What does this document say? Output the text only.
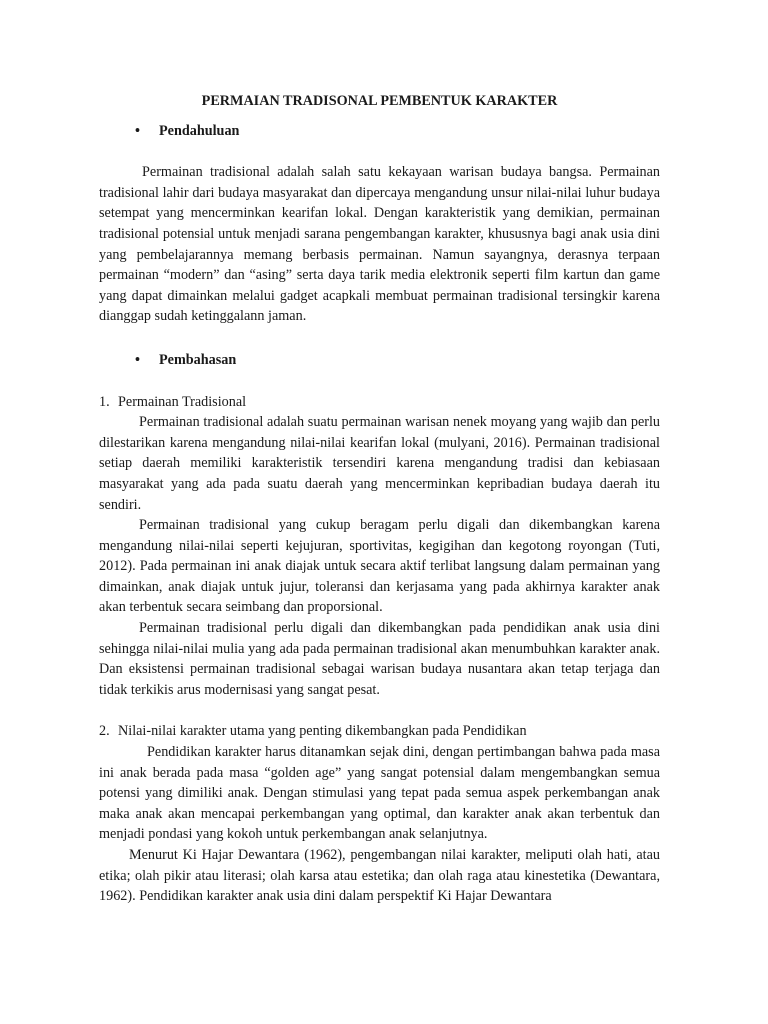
PERMAIAN TRADISONAL PEMBENTUK KARAKTER
• Pendahuluan

Permainan tradisional adalah salah satu kekayaan warisan budaya bangsa. Permainan tradisional lahir dari budaya masyarakat dan dipercaya mengandung unsur nilai-nilai luhur budaya setempat yang mencerminkan kearifan lokal. Dengan karakteristik yang demikian, permainan tradisional potensial untuk menjadi sarana pengembangan karakter, khususnya bagi anak usia dini yang pembelajarannya memang berbasis permainan. Namun sayangnya, derasnya terpaan permainan “modern” dan “asing” serta daya tarik media elektronik seperti film kartun dan game yang dapat dimainkan melalui gadget acapkali membuat permainan tradisional tersingkir karena dianggap sudah ketinggalann jaman.

• Pembahasan
1. Permainan Tradisional

Permainan tradisional adalah suatu permainan warisan nenek moyang yang wajib dan perlu dilestarikan karena mengandung nilai-nilai kearifan lokal (mulyani, 2016). Permainan tradisional setiap daerah memiliki karakteristik tersendiri karena mengandung tradisi dan kebiasaan masyarakat yang ada pada suatu daerah yang mencerminkan kepribadian budaya daerah itu sendiri.

Permainan tradisional yang cukup beragam perlu digali dan dikembangkan karena mengandung nilai-nilai seperti kejujuran, sportivitas, kegigihan dan kegotong royongan (Tuti, 2012). Pada permainan ini anak diajak untuk secara aktif terlibat langsung dalam permainan yang dimainkan, anak diajak untuk jujur, toleransi dan kerjasama yang pada akhirnya karakter anak akan terbentuk secara seimbang dan proporsional.

Permainan tradisional perlu digali dan dikembangkan pada pendidikan anak usia dini sehingga nilai-nilai mulia yang ada pada permainan tradisional akan menumbuhkan karakter anak. Dan eksistensi permainan tradisional sebagai warisan budaya nusantara akan tetap terjaga dan tidak terkikis arus modernisasi yang sangat pesat.

2. Nilai-nilai karakter utama yang penting dikembangkan pada Pendidikan

Pendidikan karakter harus ditanamkan sejak dini, dengan pertimbangan bahwa pada masa ini anak berada pada masa “golden age” yang sangat potensial dalam mengembangkan semua potensi yang dimiliki anak. Dengan stimulasi yang tepat pada semua aspek perkembangan anak maka anak akan mencapai perkembangan yang optimal, dan karakter anak akan terbentuk dan menjadi pondasi yang kokoh untuk perkembangan anak selanjutnya.

Menurut Ki Hajar Dewantara (1962), pengembangan nilai karakter, meliputi olah hati, atau etika; olah pikir atau literasi; olah karsa atau estetika; dan olah raga atau kinestetika (Dewantara, 1962). Pendidikan karakter anak usia dini dalam perspektif Ki Hajar Dewantara
